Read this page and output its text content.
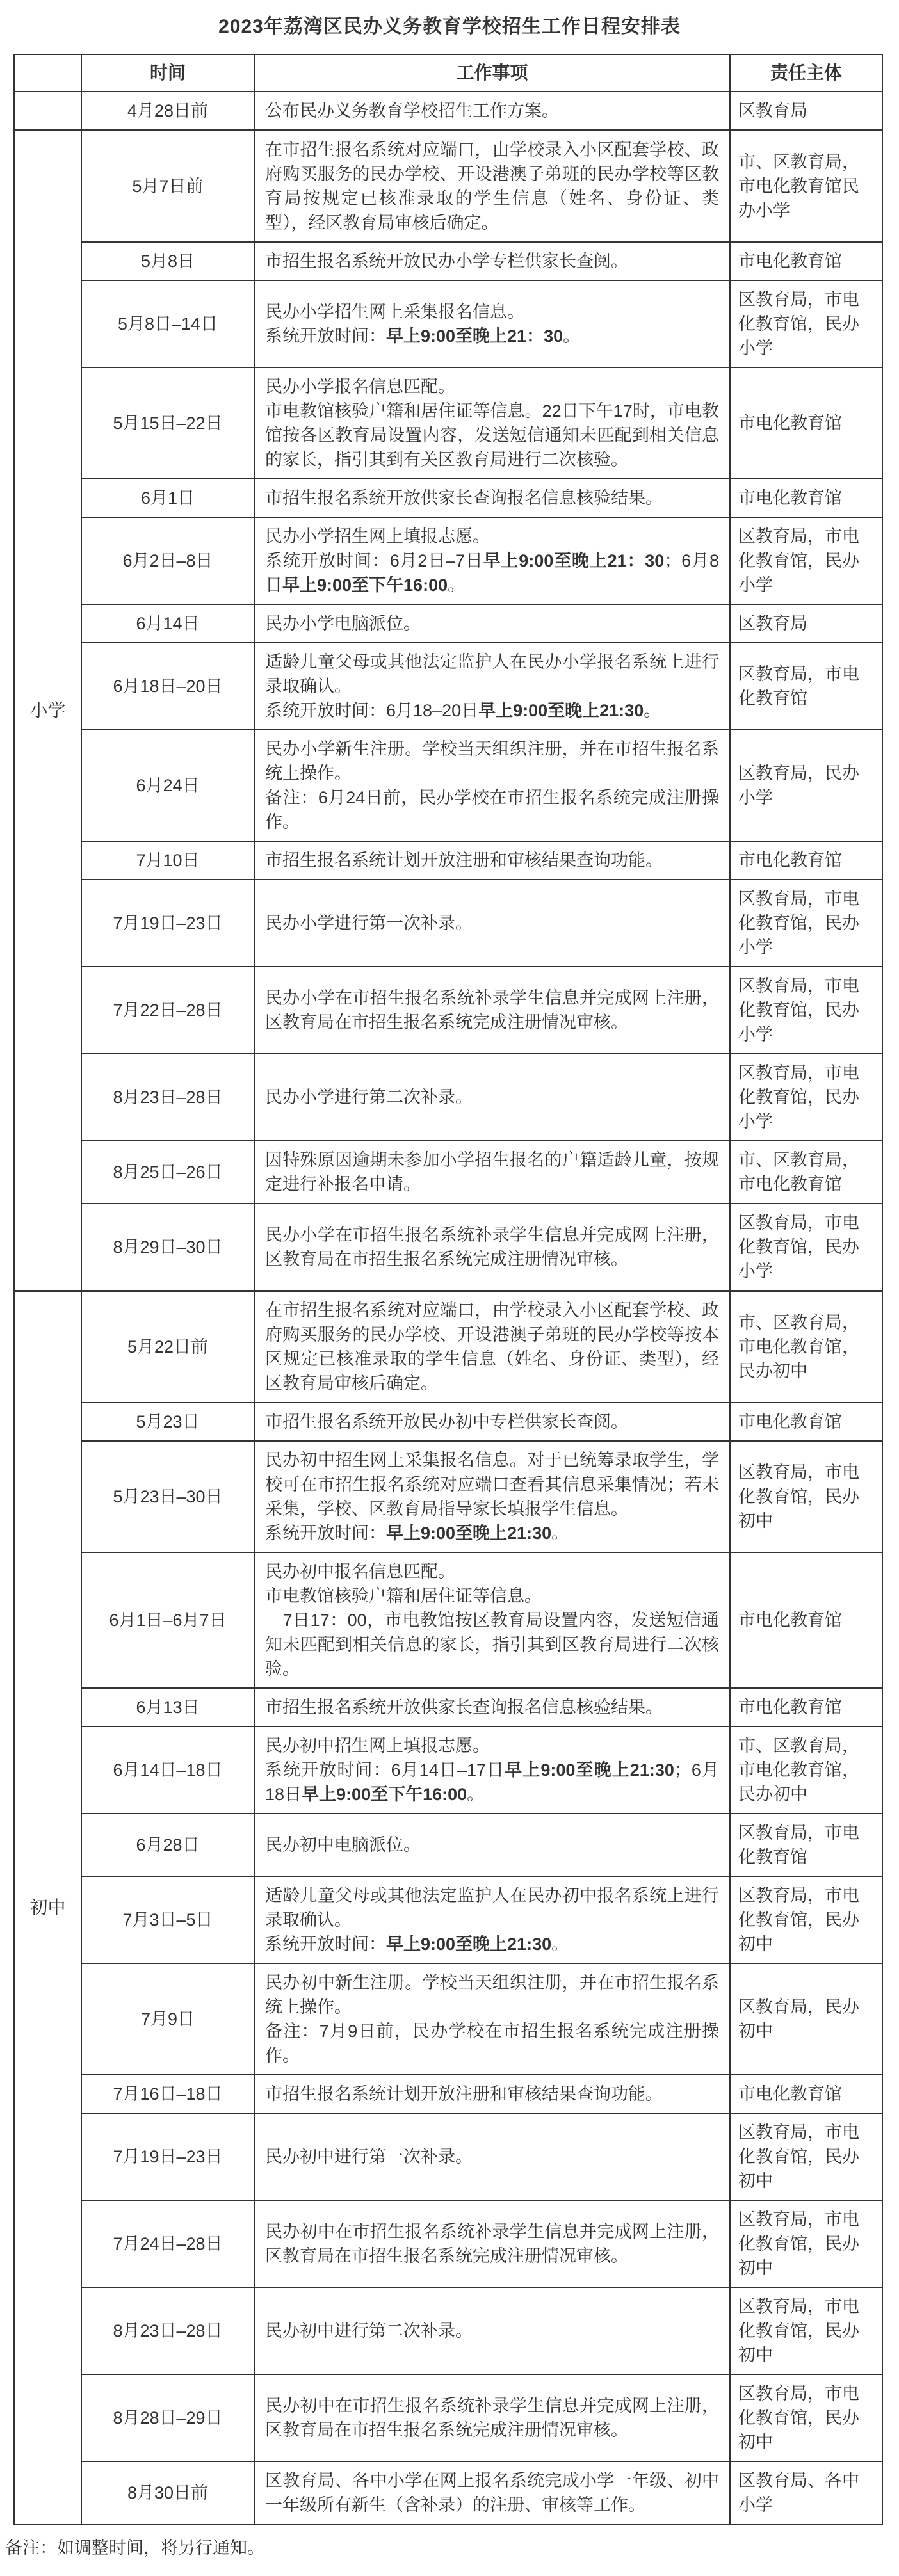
2023年荔湾区民办义务教育学校招生工作日程安排表
	时间	工作事项	责任主体
	4月28日前	公布民办义务教育学校招生工作方案。	区教育局
小学	5月7日前	在市招生报名系统对应端口，由学校录入小区配套学校、政府购买服务的民办学校、开设港澳子弟班的民办学校等区教育局按规定已核准录取的学生信息（姓名、身份证、类型），经区教育局审核后确定。	市、区教育局，市电化教育馆民办小学
	5月8日	市招生报名系统开放民办小学专栏供家长查阅。	市电化教育馆
	5月8日–14日	民办小学招生网上采集报名信息。

系统开放时间：早上9:00至晚上21：30。	区教育局，市电化教育馆，民办小学
	5月15日–22日	民办小学报名信息匹配。

市电教馆核验户籍和居住证等信息。22日下午17时，市电教馆按各区教育局设置内容，发送短信通知未匹配到相关信息的家长，指引其到有关区教育局进行二次核验。	市电化教育馆
	6月1日	市招生报名系统开放供家长查询报名信息核验结果。	市电化教育馆
	6月2日–8日	民办小学招生网上填报志愿。

系统开放时间：6月2日–7日早上9:00至晚上21：30；6月8日早上9:00至下午16:00。	区教育局，市电化教育馆，民办小学
	6月14日	民办小学电脑派位。	区教育局
	6月18日–20日	适龄儿童父母或其他法定监护人在民办小学报名系统上进行录取确认。

系统开放时间：6月18–20日早上9:00至晚上21:30。	区教育局，市电化教育馆
	6月24日	民办小学新生注册。学校当天组织注册，并在市招生报名系统上操作。

备注：6月24日前，民办学校在市招生报名系统完成注册操作。	区教育局，民办小学
	7月10日	市招生报名系统计划开放注册和审核结果查询功能。	市电化教育馆
	7月19日–23日	民办小学进行第一次补录。	区教育局，市电化教育馆，民办小学
	7月22日–28日	民办小学在市招生报名系统补录学生信息并完成网上注册，区教育局在市招生报名系统完成注册情况审核。	区教育局，市电化教育馆，民办小学
	8月23日–28日	民办小学进行第二次补录。	区教育局，市电化教育馆，民办小学
	8月25日–26日	因特殊原因逾期未参加小学招生报名的户籍适龄儿童，按规定进行补报名申请。	市、区教育局，市电化教育馆
	8月29日–30日	民办小学在市招生报名系统补录学生信息并完成网上注册，区教育局在市招生报名系统完成注册情况审核。	区教育局，市电化教育馆，民办小学
初中	5月22日前	在市招生报名系统对应端口，由学校录入小区配套学校、政府购买服务的民办学校、开设港澳子弟班的民办学校等按本区规定已核准录取的学生信息（姓名、身份证、类型），经区教育局审核后确定。	市、区教育局，市电化教育馆，民办初中
	5月23日	市招生报名系统开放民办初中专栏供家长查阅。	市电化教育馆
	5月23日–30日	民办初中招生网上采集报名信息。对于已统筹录取学生，学校可在市招生报名系统对应端口查看其信息采集情况；若未采集，学校、区教育局指导家长填报学生信息。

系统开放时间：早上9:00至晚上21:30。	区教育局，市电化教育馆，民办初中
	6月1日–6月7日	民办初中报名信息匹配。

市电教馆核验户籍和居住证等信息。

　7日17：00，市电教馆按区教育局设置内容，发送短信通知未匹配到相关信息的家长，指引其到区教育局进行二次核验。	市电化教育馆
	6月13日	市招生报名系统开放供家长查询报名信息核验结果。	市电化教育馆
	6月14日–18日	民办初中招生网上填报志愿。

系统开放时间：6月14日–17日早上9:00至晚上21:30；6月18日早上9:00至下午16:00。	市、区教育局，市电化教育馆，民办初中
	6月28日	民办初中电脑派位。	区教育局，市电化教育馆
	7月3日–5日	适龄儿童父母或其他法定监护人在民办初中报名系统上进行录取确认。

系统开放时间：早上9:00至晚上21:30。	区教育局，市电化教育馆，民办初中
	7月9日	民办初中新生注册。学校当天组织注册，并在市招生报名系统上操作。

备注：7月9日前，民办学校在市招生报名系统完成注册操作。	区教育局，民办初中
	7月16日–18日	市招生报名系统计划开放注册和审核结果查询功能。	市电化教育馆
	7月19日–23日	民办初中进行第一次补录。	区教育局，市电化教育馆，民办初中
	7月24日–28日	民办初中在市招生报名系统补录学生信息并完成网上注册，区教育局在市招生报名系统完成注册情况审核。	区教育局，市电化教育馆，民办初中
	8月23日–28日	民办初中进行第二次补录。	区教育局，市电化教育馆，民办初中
	8月28日–29日	民办初中在市招生报名系统补录学生信息并完成网上注册，区教育局在市招生报名系统完成注册情况审核。	区教育局，市电化教育馆，民办初中
	8月30日前	区教育局、各中小学在网上报名系统完成小学一年级、初中一年级所有新生（含补录）的注册、审核等工作。	区教育局、各中小学

备注：如调整时间，将另行通知。
